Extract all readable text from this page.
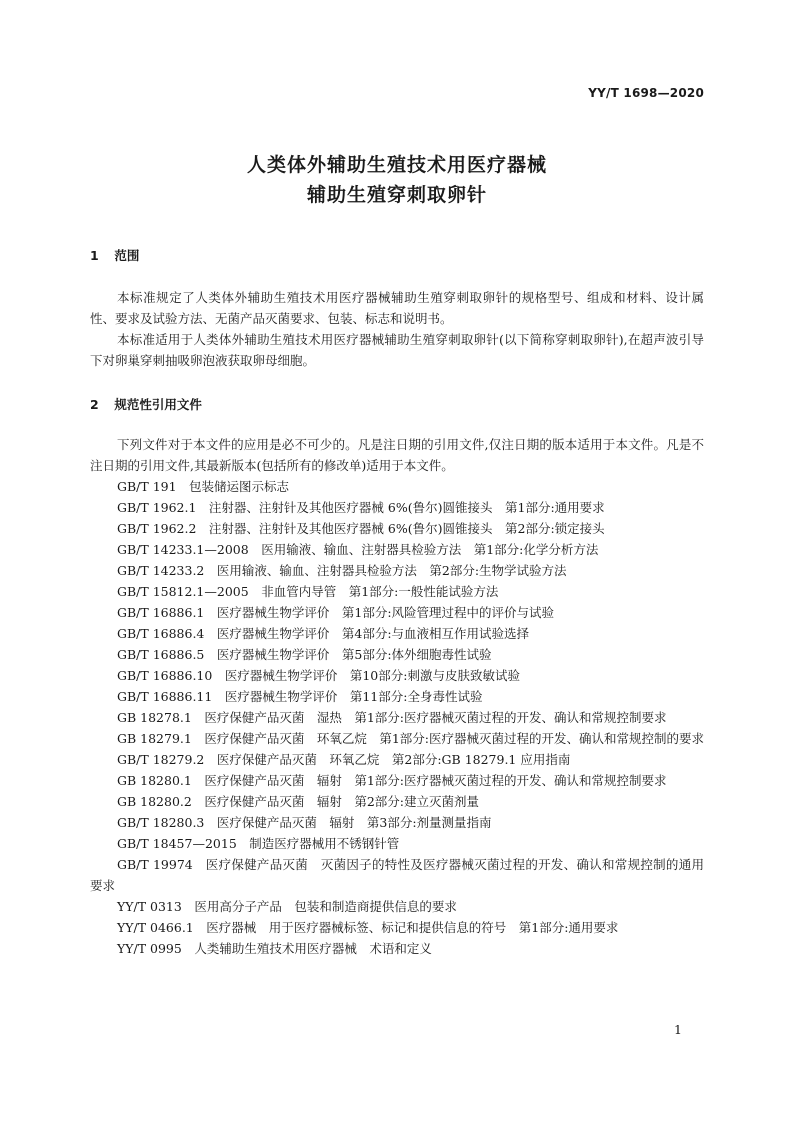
YY/T 1698—2020
人类体外辅助生殖技术用医疗器械
辅助生殖穿刺取卵针
1 范围

本标准规定了人类体外辅助生殖技术用医疗器械辅助生殖穿刺取卵针的规格型号、组成和材料、设计属性、要求及试验方法、无菌产品灭菌要求、包装、标志和说明书。

本标准适用于人类体外辅助生殖技术用医疗器械辅助生殖穿刺取卵针(以下简称穿刺取卵针),在超声波引导下对卵巢穿刺抽吸卵泡液获取卵母细胞。

2 规范性引用文件

下列文件对于本文件的应用是必不可少的。凡是注日期的引用文件,仅注日期的版本适用于本文件。凡是不注日期的引用文件,其最新版本(包括所有的修改单)适用于本文件。

GB/T 191　包装储运图示标志
GB/T 1962.1　注射器、注射针及其他医疗器械 6%(鲁尔)圆锥接头　第1部分:通用要求
GB/T 1962.2　注射器、注射针及其他医疗器械 6%(鲁尔)圆锥接头　第2部分:锁定接头
GB/T 14233.1—2008　医用输液、输血、注射器具检验方法　第1部分:化学分析方法
GB/T 14233.2　医用输液、输血、注射器具检验方法　第2部分:生物学试验方法
GB/T 15812.1—2005　非血管内导管　第1部分:一般性能试验方法
GB/T 16886.1　医疗器械生物学评价　第1部分:风险管理过程中的评价与试验
GB/T 16886.4　医疗器械生物学评价　第4部分:与血液相互作用试验选择
GB/T 16886.5　医疗器械生物学评价　第5部分:体外细胞毒性试验
GB/T 16886.10　医疗器械生物学评价　第10部分:刺激与皮肤致敏试验
GB/T 16886.11　医疗器械生物学评价　第11部分:全身毒性试验
GB 18278.1　医疗保健产品灭菌　湿热　第1部分:医疗器械灭菌过程的开发、确认和常规控制要求
GB 18279.1　医疗保健产品灭菌　环氧乙烷　第1部分:医疗器械灭菌过程的开发、确认和常规控制的要求
GB/T 18279.2　医疗保健产品灭菌　环氧乙烷　第2部分:GB 18279.1 应用指南
GB 18280.1　医疗保健产品灭菌　辐射　第1部分:医疗器械灭菌过程的开发、确认和常规控制要求
GB 18280.2　医疗保健产品灭菌　辐射　第2部分:建立灭菌剂量
GB/T 18280.3　医疗保健产品灭菌　辐射　第3部分:剂量测量指南
GB/T 18457—2015　制造医疗器械用不锈钢针管
GB/T 19974　医疗保健产品灭菌　灭菌因子的特性及医疗器械灭菌过程的开发、确认和常规控制的通用要求
YY/T 0313　医用高分子产品　包装和制造商提供信息的要求
YY/T 0466.1　医疗器械　用于医疗器械标签、标记和提供信息的符号　第1部分:通用要求
YY/T 0995　人类辅助生殖技术用医疗器械　术语和定义
1
